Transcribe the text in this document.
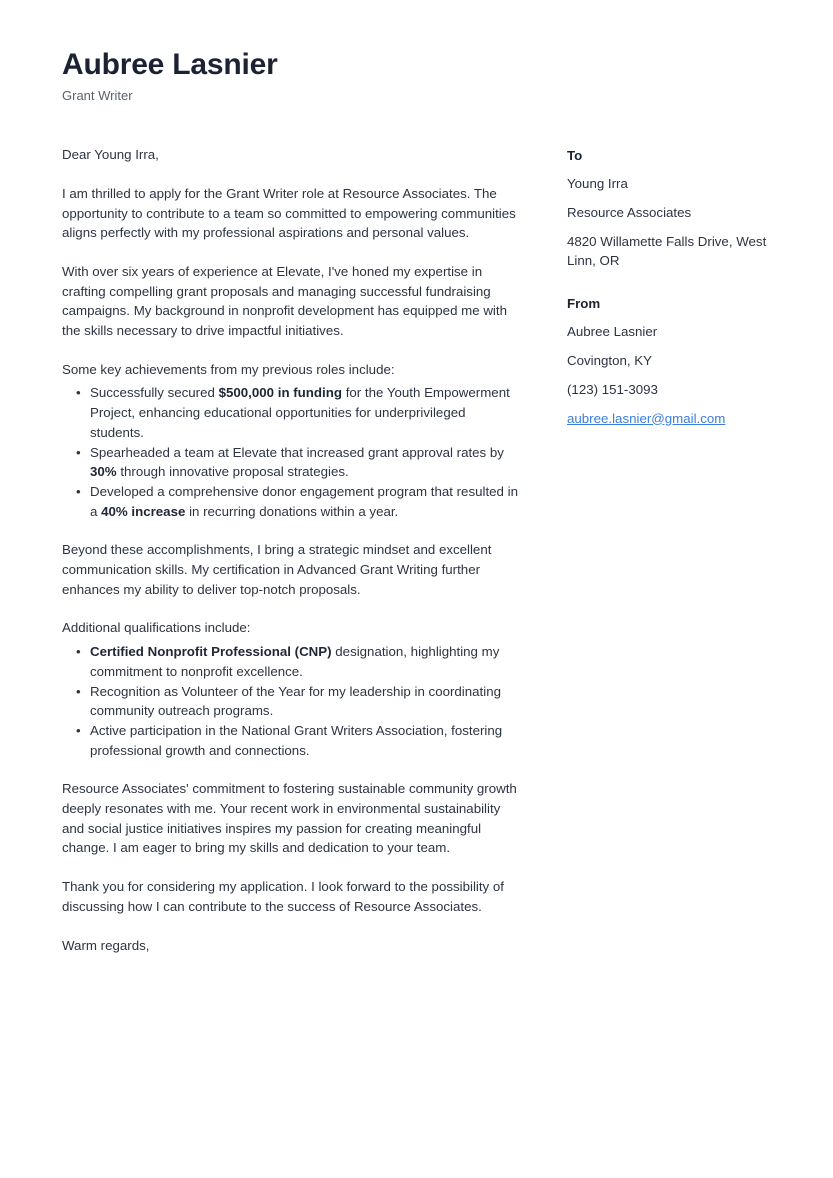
Aubree Lasnier

Grant Writer

Dear Young Irra,

I am thrilled to apply for the Grant Writer role at Resource Associates. The opportunity to contribute to a team so committed to empowering communities aligns perfectly with my professional aspirations and personal values.

With over six years of experience at Elevate, I've honed my expertise in crafting compelling grant proposals and managing successful fundraising campaigns. My background in nonprofit development has equipped me with the skills necessary to drive impactful initiatives.

Some key achievements from my previous roles include:

• Successfully secured $500,000 in funding for the Youth Empowerment Project, enhancing educational opportunities for underprivileged students.
• Spearheaded a team at Elevate that increased grant approval rates by 30% through innovative proposal strategies.
• Developed a comprehensive donor engagement program that resulted in a 40% increase in recurring donations within a year.

Beyond these accomplishments, I bring a strategic mindset and excellent communication skills. My certification in Advanced Grant Writing further enhances my ability to deliver top-notch proposals.

Additional qualifications include:

• Certified Nonprofit Professional (CNP) designation, highlighting my commitment to nonprofit excellence.
• Recognition as Volunteer of the Year for my leadership in coordinating community outreach programs.
• Active participation in the National Grant Writers Association, fostering professional growth and connections.

Resource Associates' commitment to fostering sustainable community growth deeply resonates with me. Your recent work in environmental sustainability and social justice initiatives inspires my passion for creating meaningful change. I am eager to bring my skills and dedication to your team.

Thank you for considering my application. I look forward to the possibility of discussing how I can contribute to the success of Resource Associates.

Warm regards,

To

Young Irra

Resource Associates

4820 Willamette Falls Drive, West Linn, OR

From

Aubree Lasnier

Covington, KY

(123) 151-3093

aubree.lasnier@gmail.com
